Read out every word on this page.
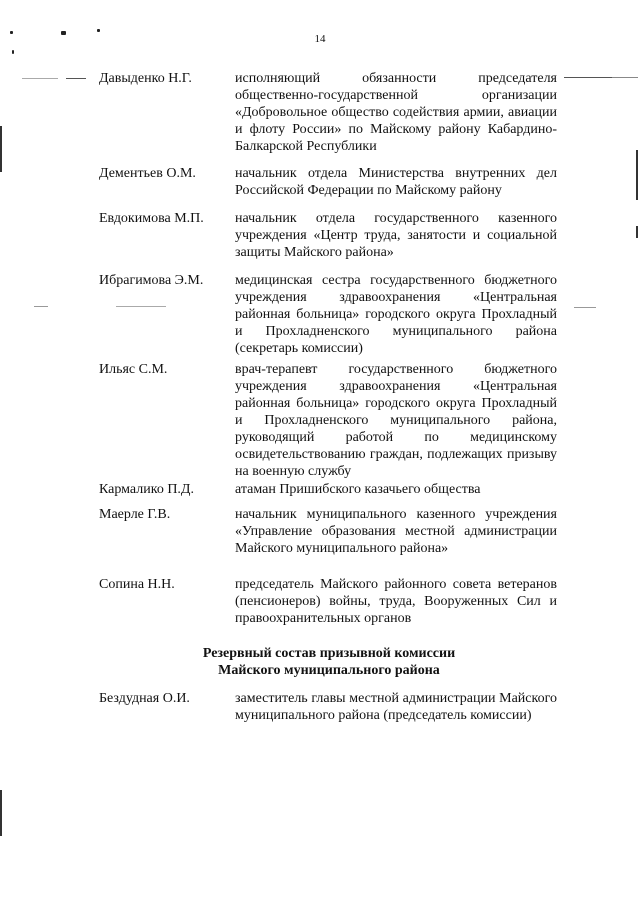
14
Давыденко Н.Г.	исполняющий обязанности председателя общественно-государственной организации «Добровольное общество содействия армии, авиации и флоту России» по Майскому району Кабардино-Балкарской Республики
Дементьев О.М.	начальник отдела Министерства внутренних дел Российской Федерации по Майскому району
Евдокимова М.П. начальник отдела государственного казенного учреждения «Центр труда, занятости и социальной защиты Майского района»
Ибрагимова Э.М. медицинская сестра государственного бюджетного учреждения здравоохранения «Центральная районная больница» городского округа Прохладный и Прохладненского муниципального района (секретарь комиссии)
Ильяс С.М.	врач-терапевт государственного бюджетного учреждения здравоохранения «Центральная районная больница» городского округа Прохладный и Прохладненского муниципального района, руководящий работой по медицинскому освидетельствованию граждан, подлежащих призыву на военную службу
Кармалико П.Д.	атаман Пришибского казачьего общества
Маерле Г.В.	начальник муниципального казенного учреждения «Управление образования местной администрации Майского муниципального района»
Сопина Н.Н.	председатель Майского районного совета ветеранов (пенсионеров) войны, труда, Вооруженных Сил и правоохранительных органов
Резервный состав призывной комиссии
Майского муниципального района
Бездудная О.И.	заместитель главы местной администрации Майского муниципального района (председатель комиссии)
